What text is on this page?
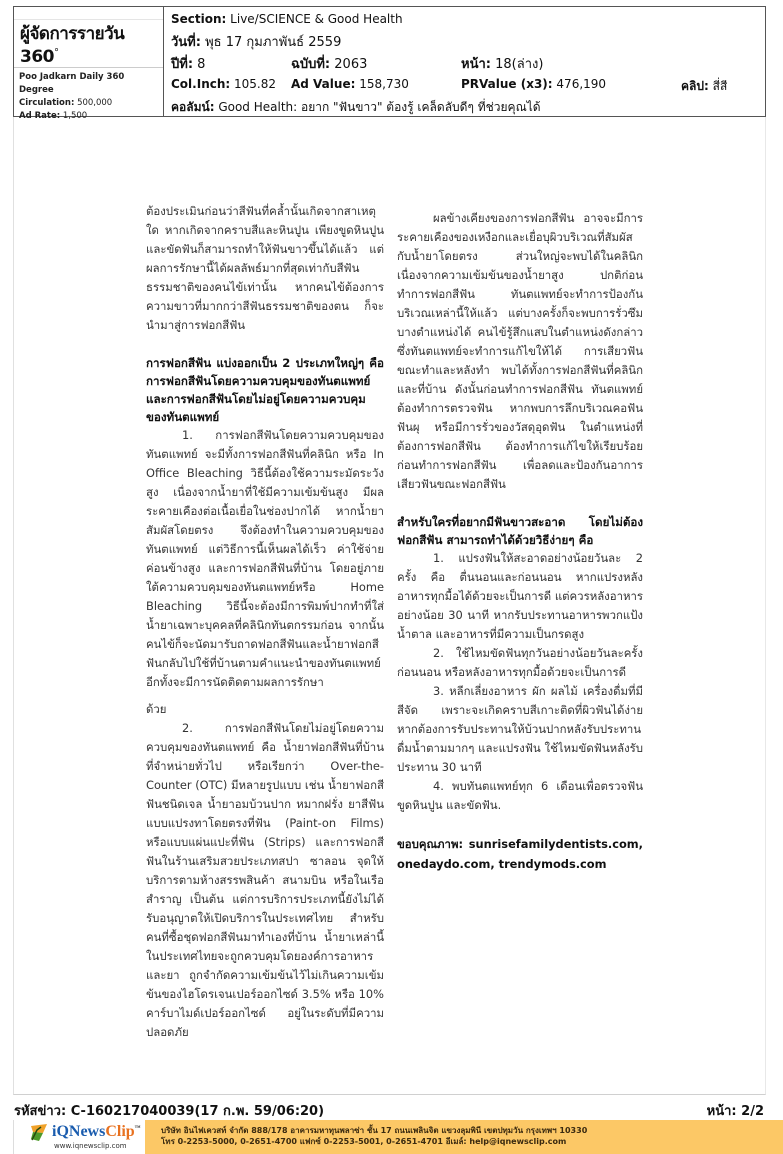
ผู้จัดการรายวัน 360°
Poo Jadkarn Daily 360 Degree
Circulation: 500,000
Ad Rate: 1,500
Section: Live/SCIENCE & Good Health
วันที่: พุธ 17 กุมภาพันธ์ 2559
ปีที่: 8	ฉบับที่: 2063	หน้า: 18(ล่าง)
Col.Inch: 105.82 Ad Value: 158,730	PRValue (x3): 476,190	คลิป: สี่สี
คอลัมน์: Good Health: อยาก "ฟันขาว" ต้องรู้ เคล็ดลับดีๆ ที่ช่วยคุณได้

ต้องประเมินก่อนว่าสีฟันที่คล้ำนั้นเกิดจากสาเหตุใด หากเกิดจากคราบสีและหินปูน เพียงขูดหินปูนและขัดฟันก็สามารถทำให้ฟันขาวขึ้นได้แล้ว แต่ผลการรักษานี้ได้ผลลัพธ์มากที่สุดเท่ากับสีฟันธรรมชาติของคนไข้เท่านั้น หากคนไข้ต้องการความขาวที่มากกว่าสีฟันธรรมชาติของตน ก็จะนำมาสู่การฟอกสีฟัน

การฟอกสีฟัน แบ่งออกเป็น 2 ประเภทใหญ่ๆ คือการฟอกสีฟันโดยความควบคุมของทันตแพทย์ และการฟอกสีฟันโดยไม่อยู่โดยความควบคุมของทันตแพทย์

1. การฟอกสีฟันโดยความควบคุมของทันตแพทย์ จะมีทั้งการฟอกสีฟันที่คลินิก หรือ In Office Bleaching วิธีนี้ต้องใช้ความระมัดระวังสูง เนื่องจากน้ำยาที่ใช้มีความเข้มข้นสูง มีผลระคายเคืองต่อเนื้อเยื่อในช่องปากได้ หากน้ำยาสัมผัสโดยตรง จึงต้องทำในความควบคุมของทันตแพทย์ แต่วิธีการนี้เห็นผลได้เร็ว ค่าใช้จ่ายค่อนข้างสูง และการฟอกสีฟันที่บ้าน โดยอยู่ภายใต้ความควบคุมของทันตแพทย์หรือ Home Bleaching วิธีนี้จะต้องมีการพิมพ์ปากทำที่ใส่น้ำยาเฉพาะบุคคลที่คลินิกทันตกรรมก่อน จากนั้นคนไข้ก็จะนัดมารับถาดฟอกสีฟันและน้ำยาฟอกสีฟันกลับไปใช้ที่บ้านตามคำแนะนำของทันตแพทย์ อีกทั้งจะมีการนัดติดตามผลการรักษา

ด้วย

2. การฟอกสีฟันโดยไม่อยู่โดยความควบคุมของทันตแพทย์ คือ น้ำยาฟอกสีฟันที่บ้านที่จำหน่ายทั่วไป หรือเรียกว่า Over-the-Counter (OTC) มีหลายรูปแบบ เช่น น้ำยาฟอกสีฟันชนิดเจล น้ำยาอมบ้วนปาก หมากฝรั่ง ยาสีฟัน แบบแปรงทาโดยตรงที่ฟัน (Paint-on Films) หรือแบบแผ่นแปะที่ฟัน (Strips) และการฟอกสีฟันในร้านเสริมสวยประเภทสปา ซาลอน จุดให้บริการตามห้างสรรพสินค้า สนามบิน หรือในเรือสำราญ เป็นต้น แต่การบริการประเภทนี้ยังไม่ได้รับอนุญาตให้เปิดบริการในประเทศไทย สำหรับคนที่ซื้อชุดฟอกสีฟันมาทำเองที่บ้าน น้ำยาเหล่านี้ในประเทศไทยจะถูกควบคุมโดยองค์การอาหารและยา ถูกจำกัดความเข้มข้นไว้ไม่เกินความเข้มข้นของไฮโดรเจนเปอร์ออกไซด์ 3.5% หรือ 10% คาร์บาไมด์เปอร์ออกไซด์ อยู่ในระดับที่มีความปลอดภัย

ผลข้างเคียงของการฟอกสีฟัน อาจจะมีการระคายเคืองของเหงือกและเยื่อบุผิวบริเวณที่สัมผัสกับน้ำยาโดยตรง ส่วนใหญ่จะพบได้ในคลินิก เนื่องจากความเข้มข้นของน้ำยาสูง ปกติก่อนทำการฟอกสีฟัน ทันตแพทย์จะทำการป้องกันบริเวณเหล่านี้ให้แล้ว แต่บางครั้งก็จะพบการรั่วซึมบางตำแหน่งได้ คนไข้รู้สึกแสบในตำแหน่งดังกล่าว ซึ่งทันตแพทย์จะทำการแก้ไขให้ได้ การเสียวฟันขณะทำและหลังทำ พบได้ทั้งการฟอกสีฟันที่คลินิกและที่บ้าน ดังนั้นก่อนทำการฟอกสีฟัน ทันตแพทย์ต้องทำการตรวจฟัน หากพบการลึกบริเวณคอฟัน ฟันผุ หรือมีการรั่วของวัสดุอุดฟัน ในตำแหน่งที่ต้องการฟอกสีฟัน ต้องทำการแก้ไขให้เรียบร้อยก่อนทำการฟอกสีฟัน เพื่อลดและป้องกันอาการเสียวฟันขณะฟอกสีฟัน

สำหรับใครที่อยากมีฟันขาวสะอาด โดยไม่ต้องฟอกสีฟัน สามารถทำได้ด้วยวิธีง่ายๆ คือ

1. แปรงฟันให้สะอาดอย่างน้อยวันละ 2 ครั้ง คือ ตื่นนอนและก่อนนอน หากแปรงหลังอาหารทุกมื้อได้ด้วยจะเป็นการดี แต่ควรหลังอาหารอย่างน้อย 30 นาที หากรับประทานอาหารพวกแป้ง น้ำตาล และอาหารที่มีความเป็นกรดสูง

2. ใช้ไหมขัดฟันทุกวันอย่างน้อยวันละครั้ง ก่อนนอน หรือหลังอาหารทุกมื้อด้วยจะเป็นการดี

3. หลีกเลี่ยงอาหาร ผัก ผลไม้ เครื่องดื่มที่มีสีจัด เพราะจะเกิดคราบสีเกาะติดที่ผิวฟันได้ง่าย หากต้องการรับประทานให้บ้วนปากหลังรับประทาน ดื่มน้ำตามมากๆ และแปรงฟัน ใช้ไหมขัดฟันหลังรับประทาน 30 นาที

4. พบทันตแพทย์ทุก 6 เดือนเพื่อตรวจฟัน ขูดหินปูน และขัดฟัน.

ขอบคุณภาพ: sunrisefamilydentists.com, onedaydo.com, trendymods.com

รหัสข่าว: C-160217040039(17 ก.พ. 59/06:20)	หน้า: 2/2
iQNewsClip™
www.iqnewsclip.com
บริษัท อินไฟเควสท์ จำกัด 888/178 อาคารมหาทุนพลาซ่า ชั้น 17 ถนนเพลินจิต แขวงลุมพินี เขตปทุมวัน กรุงเทพฯ 10330
โทร 0-2253-5000, 0-2651-4700 แฟกซ์ 0-2253-5001, 0-2651-4701 อีเมล์: help@iqnewsclip.com
